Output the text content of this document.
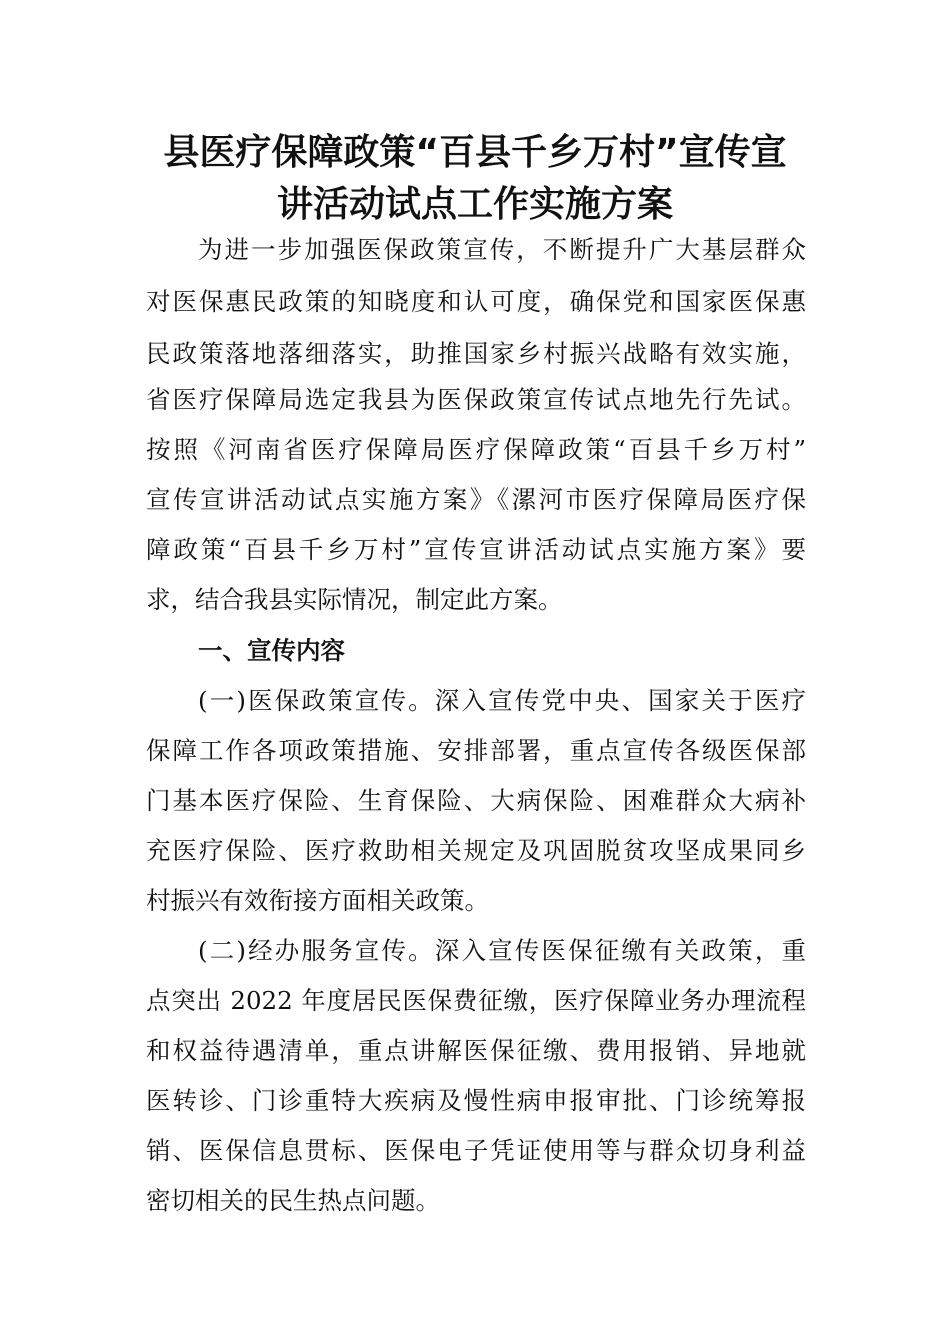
县医疗保障政策“百县千乡万村”宣传宣
讲活动试点工作实施方案

为进一步加强医保政策宣传，不断提升广大基层群众

对医保惠民政策的知晓度和认可度，确保党和国家医保惠

民政策落地落细落实，助推国家乡村振兴战略有效实施，

省医疗保障局选定我县为医保政策宣传试点地先行先试。

按照《河南省医疗保障局医疗保障政策“百县千乡万村”

宣传宣讲活动试点实施方案》《漯河市医疗保障局医疗保

障政策“百县千乡万村”宣传宣讲活动试点实施方案》要

求，结合我县实际情况，制定此方案。

一、宣传内容

(一)医保政策宣传。深入宣传党中央、国家关于医疗

保障工作各项政策措施、安排部署，重点宣传各级医保部

门基本医疗保险、生育保险、大病保险、困难群众大病补

充医疗保险、医疗救助相关规定及巩固脱贫攻坚成果同乡

村振兴有效衔接方面相关政策。

(二)经办服务宣传。深入宣传医保征缴有关政策，重

点突出 2022 年度居民医保费征缴，医疗保障业务办理流程

和权益待遇清单，重点讲解医保征缴、费用报销、异地就

医转诊、门诊重特大疾病及慢性病申报审批、门诊统筹报

销、医保信息贯标、医保电子凭证使用等与群众切身利益

密切相关的民生热点问题。
